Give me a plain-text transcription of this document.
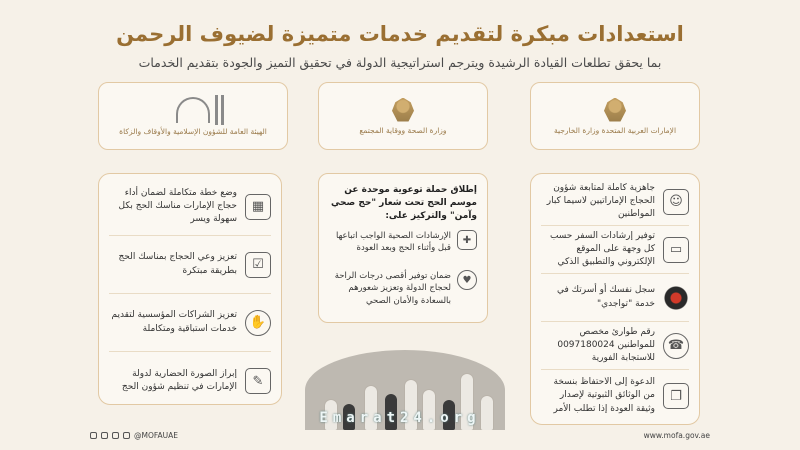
استعدادات مبكرة لتقديم خدمات متميزة لضيوف الرحمن
بما يحقق تطلعات القيادة الرشيدة ويترجم استراتيجية الدولة في تحقيق التميز والجودة بتقديم الخدمات
الهيئة العامة للشؤون الإسلامية والأوقاف والزكاة	وزارة الصحة ووقاية المجتمع	الإمارات العربية المتحدة وزارة الخارجية
▦
وضع خطة متكاملة لضمان أداء حجاج الإمارات مناسك الحج بكل سهولة ويسر
☑
تعزيز وعي الحجاج بمناسك الحج بطريقة مبتكرة
✋
تعزيز الشراكات المؤسسية لتقديم خدمات استباقية ومتكاملة
✎
إبراز الصورة الحضارية لدولة الإمارات في تنظيم شؤون الحج
إطلاق حملة توعوية موحدة عن موسم الحج تحت شعار "حج صحي وآمن" والتركيز على:
✚
الإرشادات الصحية الواجب اتباعها قبل وأثناء الحج وبعد العودة
♥
ضمان توفير أقصى درجات الراحة لحجاج الدولة وتعزيز شعورهم بالسعادة والأمان الصحي
☺
جاهزية كاملة لمتابعة شؤون الحجاج الإماراتيين لاسيما كبار المواطنين
▭
توفير إرشادات السفر حسب كل وجهة على الموقع الإلكتروني والتطبيق الذكي
سجل نفسك أو أسرتك في خدمة "تواجدي"
☎
رقم طوارئ مخصص للمواطنين 0097180024 للاستجابة الفورية
❐
الدعوة إلى الاحتفاظ بنسخة من الوثائق الثبوتية لإصدار وثيقة العودة إذا تطلب الأمر
Emarat24.org
@MOFAUAE	www.mofa.gov.ae
